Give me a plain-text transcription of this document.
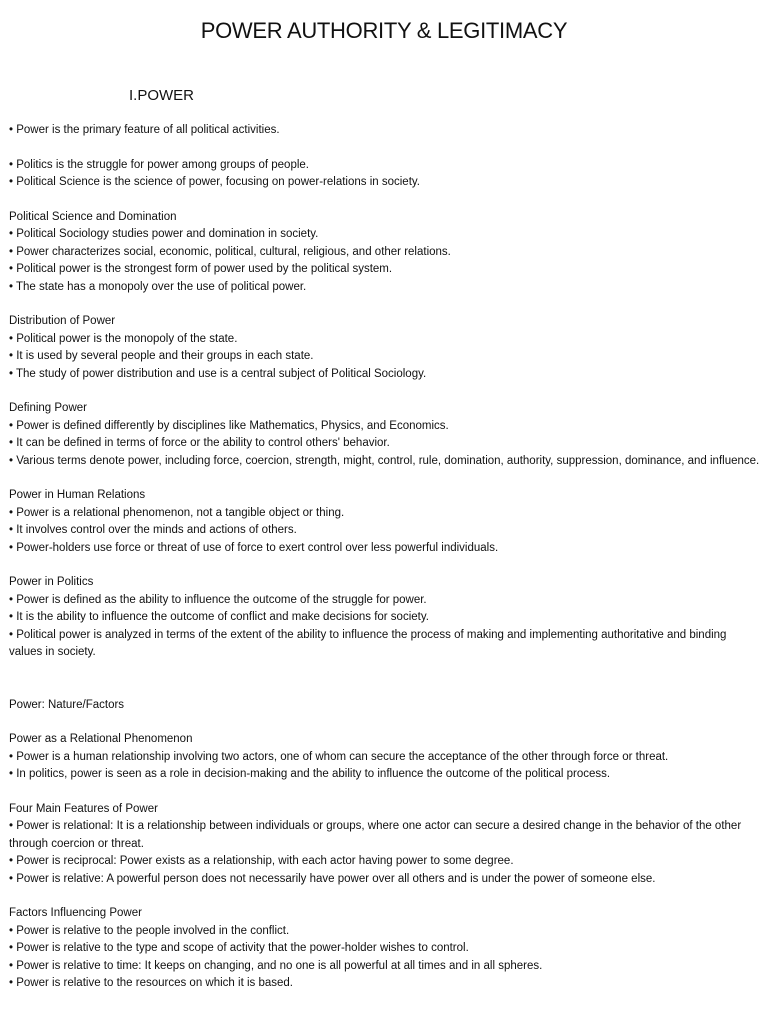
POWER AUTHORITY & LEGITIMACY
I.POWER

• Power is the primary feature of all political activities.

• Politics is the struggle for power among groups of people.

• Political Science is the science of power, focusing on power-relations in society.

Political Science and Domination

• Political Sociology studies power and domination in society.

• Power characterizes social, economic, political, cultural, religious, and other relations.

• Political power is the strongest form of power used by the political system.

• The state has a monopoly over the use of political power.

Distribution of Power

• Political power is the monopoly of the state.

• It is used by several people and their groups in each state.

• The study of power distribution and use is a central subject of Political Sociology.

Defining Power

• Power is defined differently by disciplines like Mathematics, Physics, and Economics.

• It can be defined in terms of force or the ability to control others' behavior.

• Various terms denote power, including force, coercion, strength, might, control, rule, domination, authority, suppression, dominance, and influence.

Power in Human Relations

• Power is a relational phenomenon, not a tangible object or thing.

• It involves control over the minds and actions of others.

• Power-holders use force or threat of use of force to exert control over less powerful individuals.

Power in Politics

• Power is defined as the ability to influence the outcome of the struggle for power.

• It is the ability to influence the outcome of conflict and make decisions for society.

• Political power is analyzed in terms of the extent of the ability to influence the process of making and implementing authoritative and binding values in society.

Power: Nature/Factors

Power as a Relational Phenomenon

• Power is a human relationship involving two actors, one of whom can secure the acceptance of the other through force or threat.

• In politics, power is seen as a role in decision-making and the ability to influence the outcome of the political process.

Four Main Features of Power

• Power is relational: It is a relationship between individuals or groups, where one actor can secure a desired change in the behavior of the other through coercion or threat.

• Power is reciprocal: Power exists as a relationship, with each actor having power to some degree.

• Power is relative: A powerful person does not necessarily have power over all others and is under the power of someone else.

Factors Influencing Power

• Power is relative to the people involved in the conflict.

• Power is relative to the type and scope of activity that the power-holder wishes to control.

• Power is relative to time: It keeps on changing, and no one is all powerful at all times and in all spheres.

• Power is relative to the resources on which it is based.
